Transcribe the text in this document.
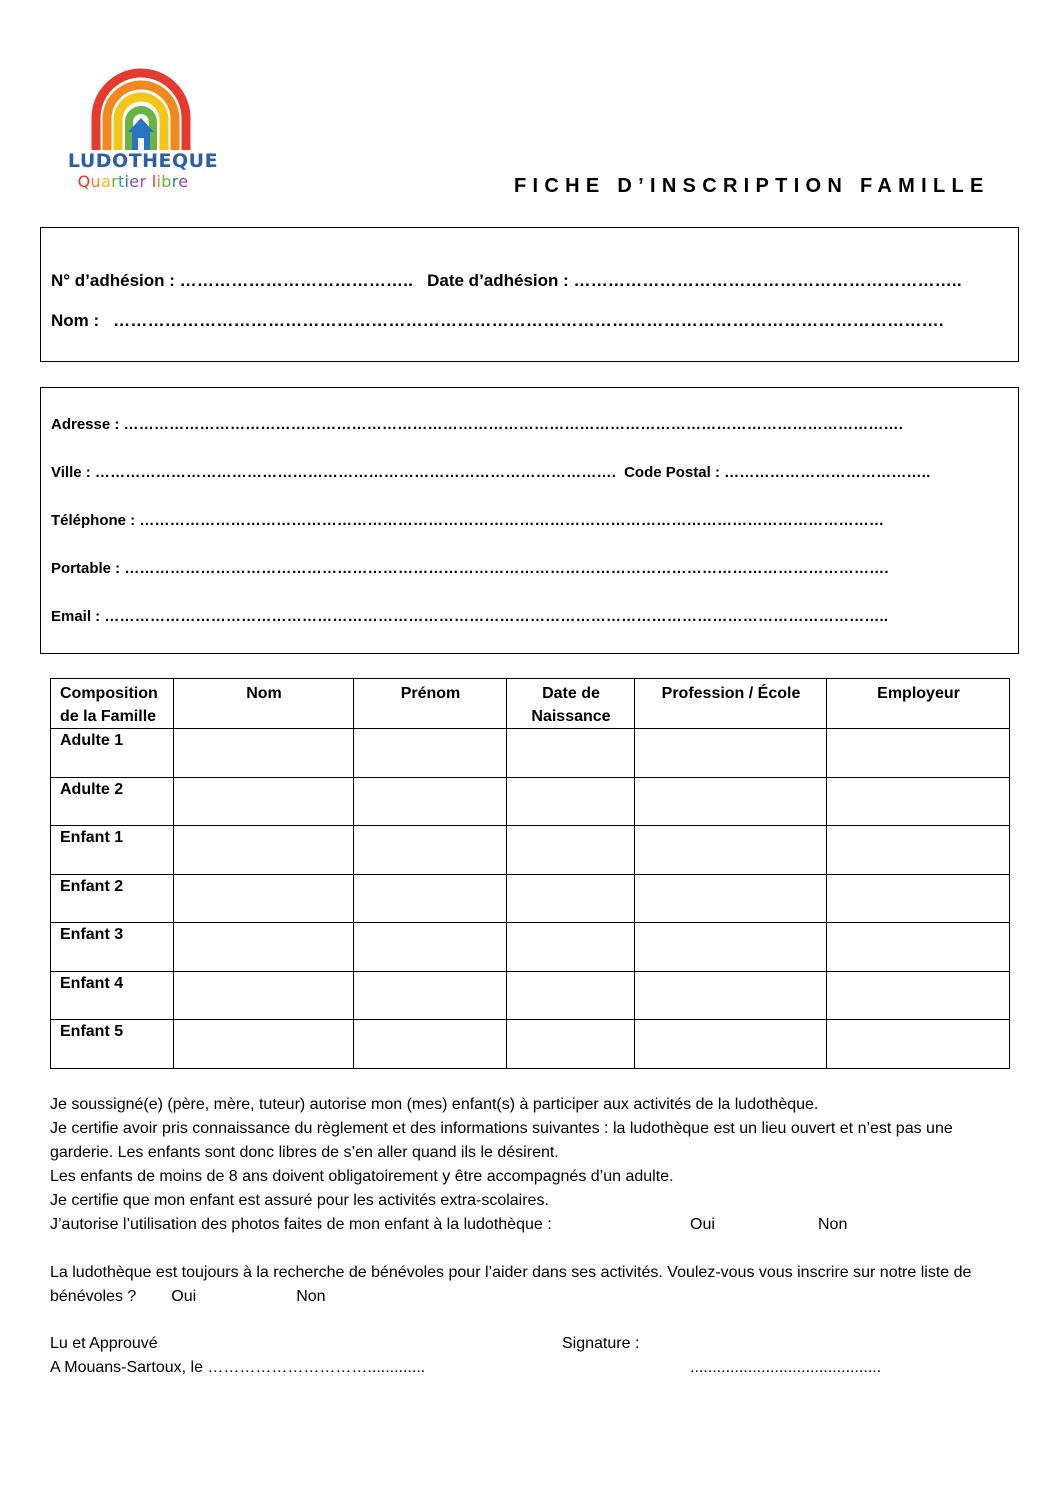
LUDOTHEQUE
Quartier libre	FICHE D’INSCRIPTION FAMILLE
N° d’adhésion : ………………………………….. Date d’adhésion : …………………………………………………………..
Nom : ……………………………………………………………………………………………………………………………….
Adresse : ……………………………………………………………………………………………………………………………………….
Ville : …………………………………………………………………………………………. Code Postal : …………………………………..
Téléphone : …………………………………………………………………………………………………………………………………
Portable : …………………………………………………………………………………………………………………………………….
Email : ………………………………………………………………………………………………………………………………………..
Composition de la Famille	Nom	Prénom	Date de Naissance	Profession / École	Employeur
Adulte 1					
Adulte 2					
Enfant 1					
Enfant 2					
Enfant 3					
Enfant 4					
Enfant 5					

Je soussigné(e) (père, mère, tuteur) autorise mon (mes) enfant(s) à participer aux activités de la ludothèque.

Je certifie avoir pris connaissance du règlement et des informations suivantes : la ludothèque est un lieu ouvert et n’est pas une garderie. Les enfants sont donc libres de s’en aller quand ils le désirent.

Les enfants de moins de 8 ans doivent obligatoirement y être accompagnés d’un adulte.

Je certifie que mon enfant est assuré pour les activités extra-scolaires.

J’autorise l’utilisation des photos faites de mon enfant à la ludothèque :	Oui	Non

La ludothèque est toujours à la recherche de bénévoles pour l’aider dans ses activités. Voulez-vous vous inscrire sur notre liste de bénévoles ? Oui	Non

Lu et Approuvé	Signature :

A Mouans-Sartoux, le ………………………….............	...........................................
